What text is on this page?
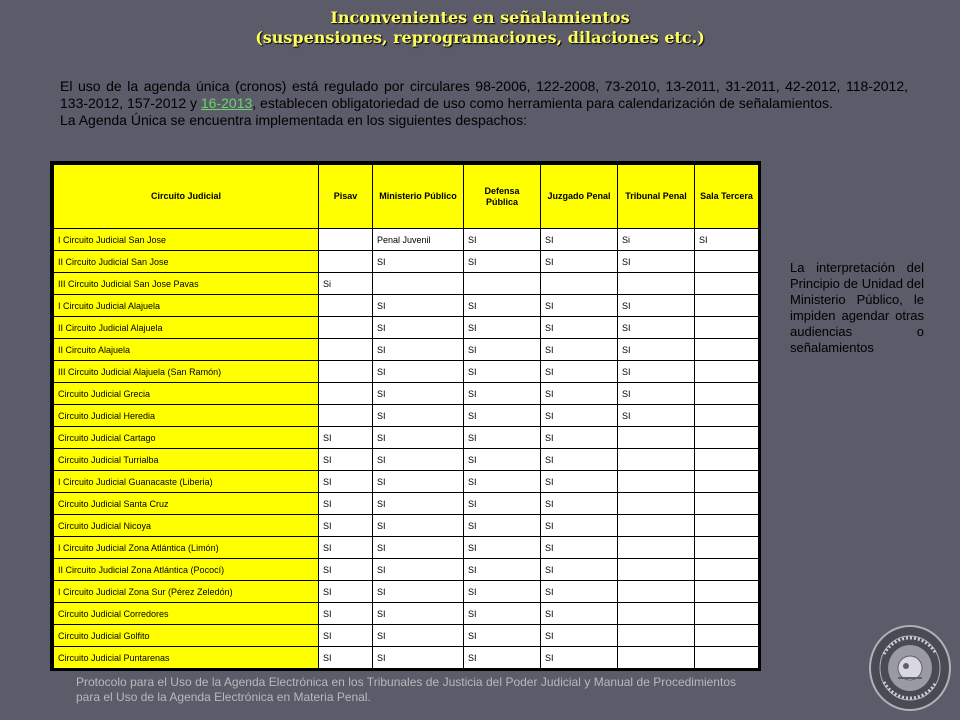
Inconvenientes en señalamientos
(suspensiones, reprogramaciones, dilaciones etc.)
El uso de la agenda única (cronos) está regulado por circulares 98-2006, 122-2008, 73-2010, 13-2011, 31-2011, 42-2012, 118-2012, 133-2012, 157-2012 y 16-2013, establecen obligatoriedad de uso como herramienta para calendarización de señalamientos.
La Agenda Única se encuentra implementada en los siguientes despachos:
Circuito Judicial	Pisav	Ministerio Público	Defensa Pública	Juzgado Penal	Tribunal Penal	Sala Tercera
I Circuito Judicial San Jose		Penal Juvenil	SI	SI	Si	SI
II Circuito Judicial San Jose		SI	SI	SI	SI	
III Circuito Judicial San Jose Pavas	Si					
I Circuito Judicial Alajuela		SI	SI	SI	SI	
II Circuito Judicial Alajuela		SI	SI	SI	SI	
II Circuito Alajuela		SI	SI	SI	SI	
III Circuito Judicial Alajuela (San Ramón)		SI	SI	SI	SI	
Circuito Judicial Grecia		SI	SI	SI	SI	
Circuito Judicial Heredia		SI	SI	SI	SI	
Circuito Judicial Cartago	SI	SI	SI	SI		
Circuito Judicial Turrialba	SI	SI	SI	SI		
I Circuito Judicial Guanacaste (Liberia)	SI	SI	SI	SI		
Circuito Judicial Santa Cruz	SI	SI	SI	SI		
Circuito Judicial Nicoya	SI	SI	SI	SI		
I Circuito Judicial Zona Atlántica (Limón)	SI	SI	SI	SI		
II Circuito Judicial Zona Atlántica (Pococí)	SI	SI	SI	SI		
I Circuito Judicial Zona Sur (Pérez Zeledón)	SI	SI	SI	SI		
Circuito Judicial Corredores	SI	SI	SI	SI		
Circuito Judicial Golfito	SI	SI	SI	SI		
Circuito Judicial Puntarenas	SI	SI	SI	SI		
La interpretación del Principio de Unidad del Ministerio Público, le impiden agendar otras audiencias o señalamientos
Protocolo para el Uso de la Agenda Electrónica en los Tribunales de Justicia del Poder Judicial y Manual de Procedimientos para el Uso de la Agenda Electrónica en Materia Penal.
